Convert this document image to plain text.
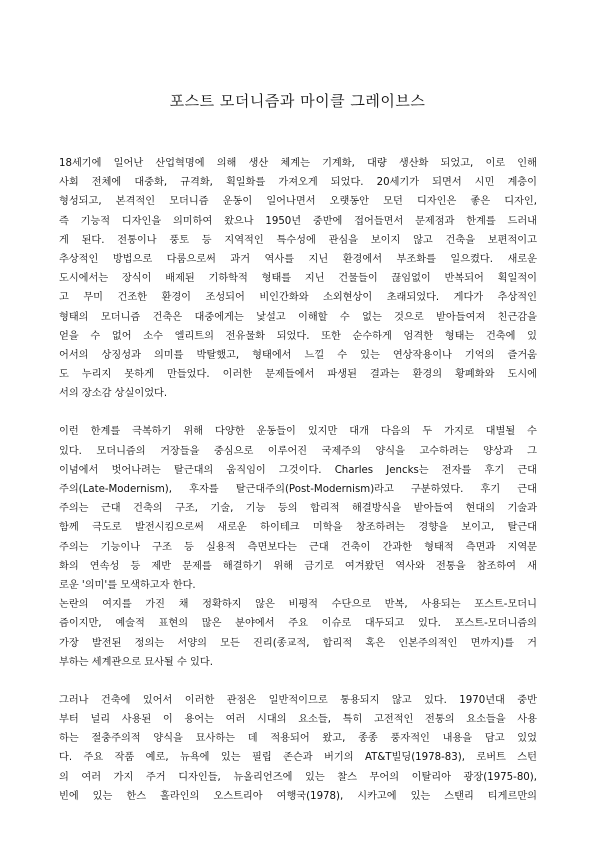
포스트 모더니즘과 마이클 그레이브스

18세기에 일어난 산업혁명에 의해 생산 체계는 기계화, 대량 생산화 되었고, 이로 인해
사회 전체에 대중화, 규격화, 획일화를 가져오게 되었다. 20세기가 되면서 시민 계층이
형성되고, 본격적인 모더니즘 운동이 일어나면서 오랫동안 모던 디자인은 좋은 디자인,
즉 기능적 디자인을 의미하여 왔으나 1950년 중반에 접어들면서 문제점과 한계를 드러내
게 된다. 전통이나 풍토 등 지역적인 특수성에 관심을 보이지 않고 건축을 보편적이고
추상적인 방법으로 다룸으로써 과거 역사를 지닌 환경에서 부조화를 일으켰다. 새로운
도시에서는 장식이 배제된 기하학적 형태를 지닌 건물들이 끊임없이 반복되어 획일적이
고 무미 건조한 환경이 조성되어 비인간화와 소외현상이 초래되었다. 게다가 추상적인
형태의 모더니즘 건축은 대중에게는 낯설고 이해할 수 없는 것으로 받아들여져 친근감을
얻을 수 없어 소수 엘리트의 전유물화 되었다. 또한 순수하게 엄격한 형태는 건축에 있
어서의 상징성과 의미를 박탈했고, 형태에서 느낄 수 있는 연상작용이나 기억의 즐거움
도 누리지 못하게 만들었다. 이러한 문제들에서 파생된 결과는 환경의 황폐화와 도시에
서의 장소감 상실이었다.

이런 한계를 극복하기 위해 다양한 운동들이 있지만 대개 다음의 두 가지로 대별될 수
있다. 모더니즘의 거장들을 중심으로 이루어진 국제주의 양식을 고수하려는 양상과 그
이념에서 벗어나려는 탈근대의 움직임이 그것이다. Charles Jencks는 전자를 후기 근대
주의(Late-Modernism), 후자를 탈근대주의(Post-Modernism)라고 구분하였다. 후기 근대
주의는 근대 건축의 구조, 기술, 기능 등의 합리적 해결방식을 받아들여 현대의 기술과
함께 극도로 발전시킴으로써 새로운 하이테크 미학을 창조하려는 경향을 보이고, 탈근대
주의는 기능이나 구조 등 실용적 측면보다는 근대 건축이 간과한 형태적 측면과 지역문
화의 연속성 등 제반 문제를 해결하기 위해 금기로 여겨왔던 역사와 전통을 참조하여 새
로운 '의미'를 모색하고자 한다.
논란의 여지를 가진 채 정확하지 않은 비평적 수단으로 반복, 사용되는 포스트-모더니
즘이지만, 예술적 표현의 많은 분야에서 주요 이슈로 대두되고 있다. 포스트-모더니즘의
가장 발전된 정의는 서양의 모든 진리(종교적, 합리적 혹은 인본주의적인 면까지)를 거
부하는 세계관으로 묘사될 수 있다.

그러나 건축에 있어서 이러한 관점은 일반적이므로 통용되지 않고 있다. 1970년대 중반
부터 널리 사용된 이 용어는 여러 시대의 요소들, 특히 고전적인 전통의 요소들을 사용
하는 절충주의적 양식을 묘사하는 데 적용되어 왔고, 종종 풍자적인 내용을 담고 있었
다. 주요 작품 예로, 뉴욕에 있는 필립 존슨과 버기의 AT&T빌딩(1978-83), 로버트 스턴
의 여러 가지 주거 디자인들, 뉴올리언즈에 있는 찰스 무어의 이탈리아 광장(1975-80),
빈에 있는 한스 홀라인의 오스트리아 여행국(1978), 시카고에 있는 스탠리 티게르만의
